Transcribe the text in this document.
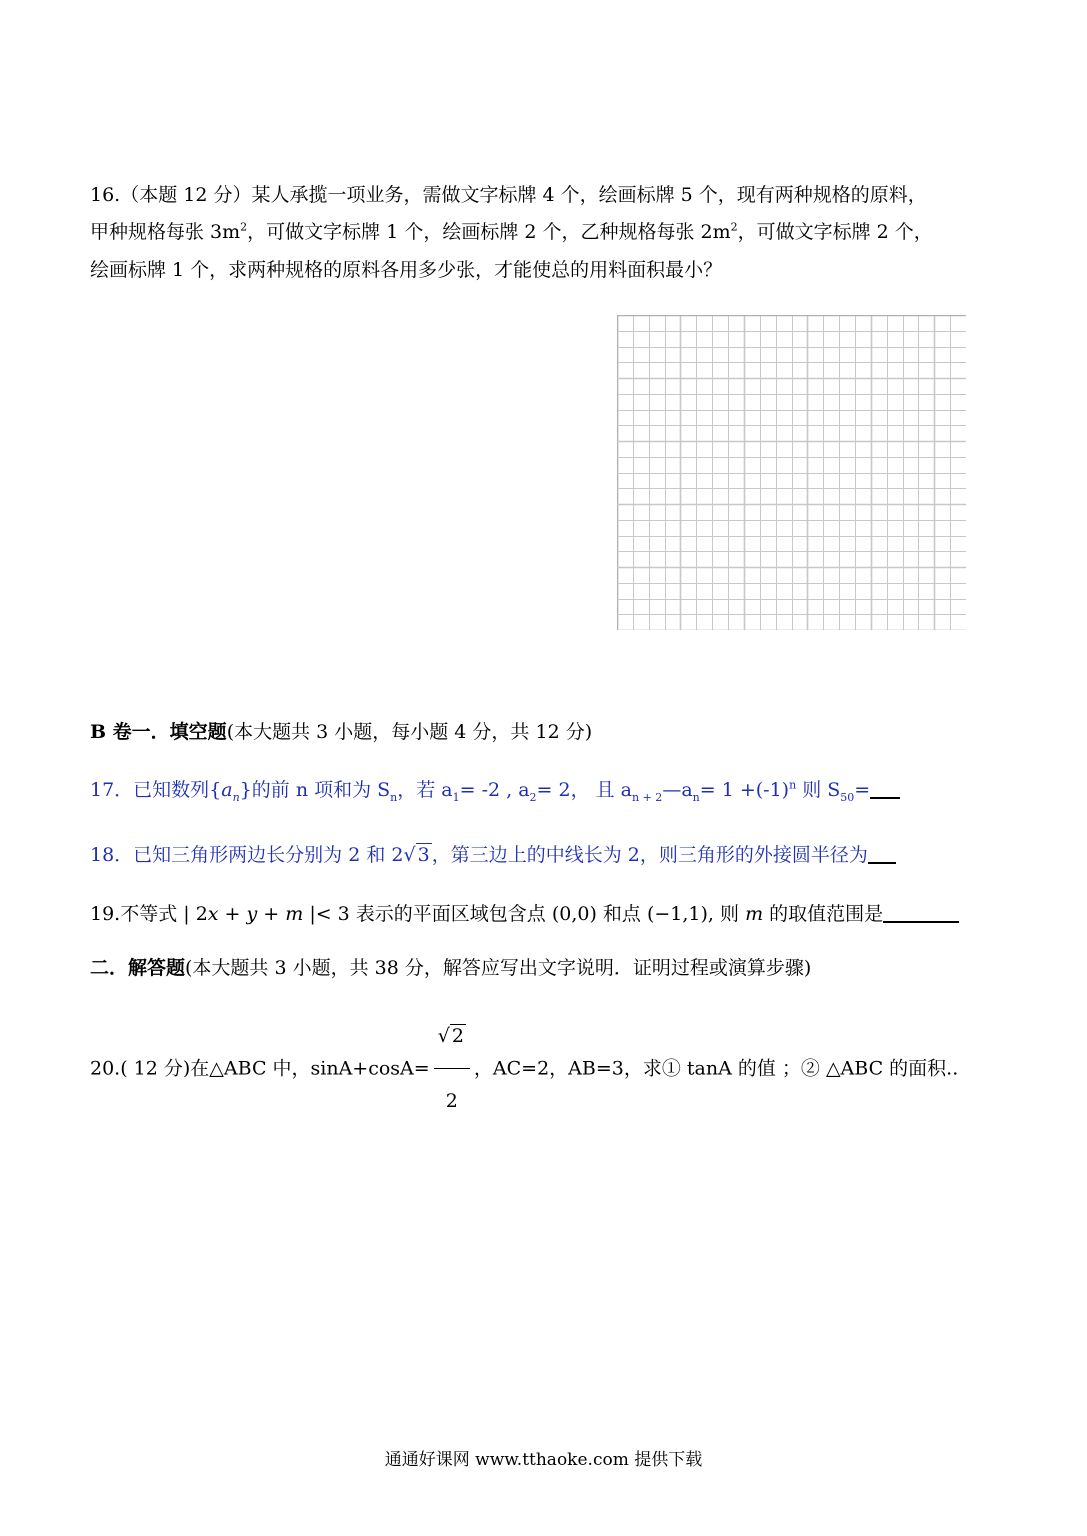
16.（本题 12 分）某人承揽一项业务，需做文字标牌 4 个，绘画标牌 5 个，现有两种规格的原料，
甲种规格每张 $3m^2$，可做文字标牌 1 个，绘画标牌 2 个，乙种规格每张 $2m^2$，可做文字标牌 2 个，
绘画标牌 1 个，求两种规格的原料各用多少张，才能使总的用料面积最小？
B 卷一．填空题(本大题共 3 小题，每小题 4 分，共 12 分)
17．已知数列$\{a_n\}$的前 n 项和为 $S_n$，若 $a_1= -2$ , $a_2= 2$， 且 $a_{n + 2}—a_n= 1 +(-1)^n$ 则 $S_{50}=$
18．已知三角形两边长分别为 2 和 2√ 3 ，第三边上的中线长为 2，则三角形的外接圆半径为
19.不等式 | 2x + y + m |< 3 表示的平面区域包含点 (0,0) 和点 (−1,1), 则 m 的取值范围是
二．解答题(本大题共 3 小题，共 38 分，解答应写出文字说明．证明过程或演算步骤)
20.( 12 分)在△ABC 中，$\sin A+\cos A= \frac{√ 2}{2}$ ，AC=2，AB=3，求① tanA 的值 ；② △ABC 的面积..
通通好课网 www.tthaoke.com 提供下载
